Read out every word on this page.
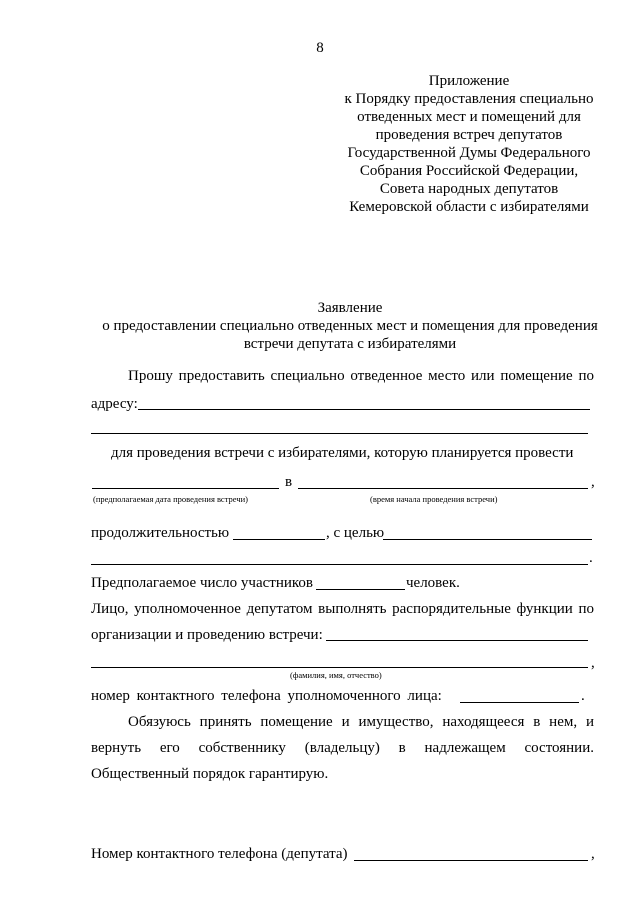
8
Приложение
к Порядку предоставления специально
отведенных мест и помещений для
проведения встреч депутатов
Государственной Думы Федерального
Собрания Российской Федерации,
Совета народных депутатов
Кемеровской области с избирателями
Заявление
о предоставлении специально отведенных мест и помещения для проведения
встречи депутата с избирателями
Прошу предоставить специально отведенное место или помещение по
адресу:
для проведения встречи с избирателями, которую планируется провести
в	,
(предполагаемая дата проведения встречи)	(время начала проведения встречи)
продолжительностью	, с целью
.
Предполагаемое число участников	человек.
Лицо, уполномоченное депутатом выполнять распорядительные функции по
организации и проведению встречи:
,
(фамилия, имя, отчество)
номер контактного телефона уполномоченного лица:	.
Обязуюсь принять помещение и имущество, находящееся в нем, и
вернуть его собственнику (владельцу) в надлежащем состоянии.
Общественный порядок гарантирую.
Номер контактного телефона (депутата)	,
